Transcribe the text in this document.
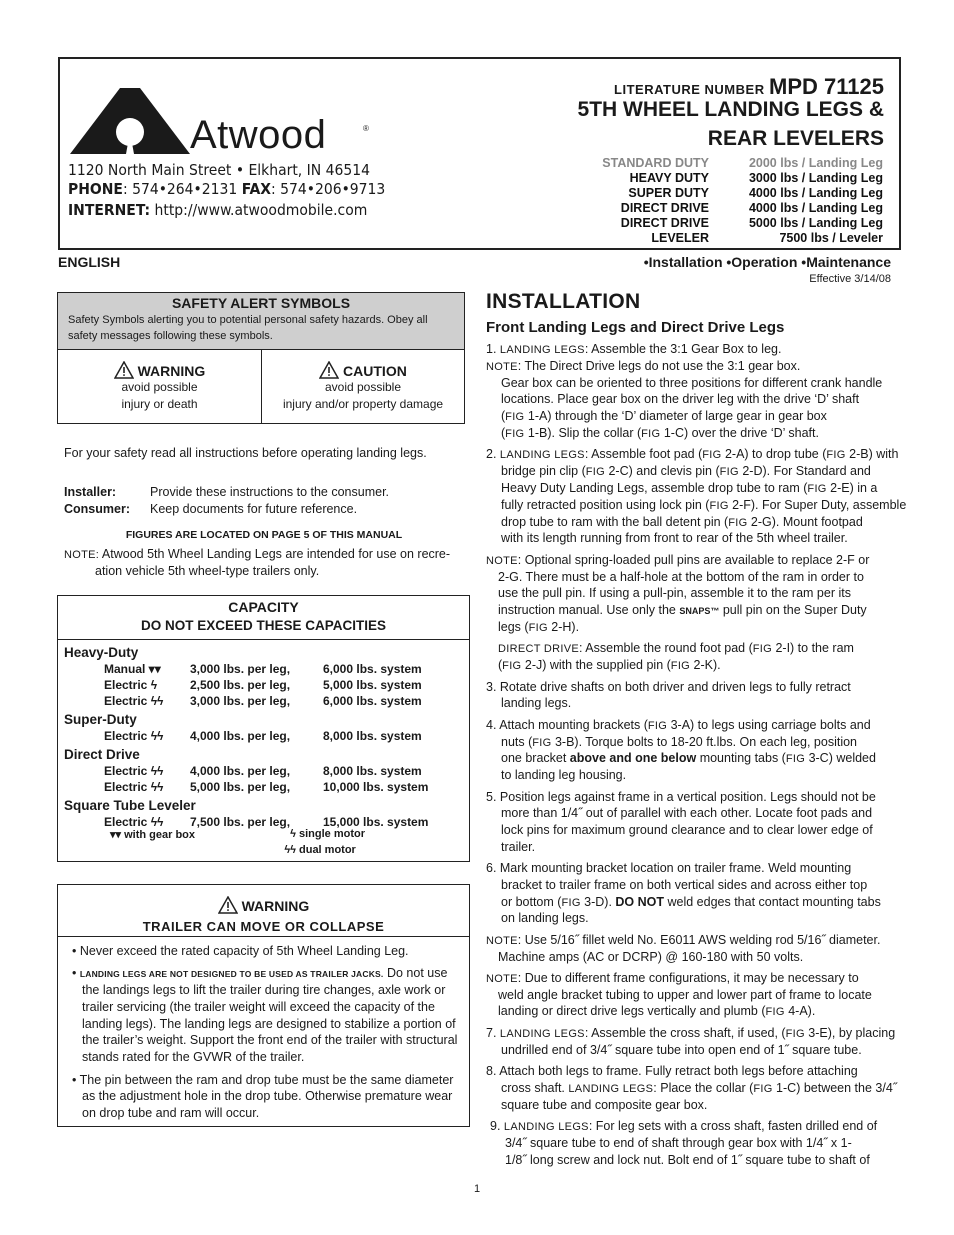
Atwood	®
1120 North Main Street • Elkhart, IN 46514
PHONE: 574•264•2131 FAX: 574•206•9713
INTERNET: http://www.atwoodmobile.com
LITERATURE NUMBER MPD 71125
5TH WHEEL LANDING LEGS &
REAR LEVELERS
STANDARD DUTY	2000 lbs / Landing Leg
HEAVY DUTY	3000 lbs / Landing Leg
SUPER DUTY	4000 lbs / Landing Leg
DIRECT DRIVE	4000 lbs / Landing Leg
DIRECT DRIVE	5000 lbs / Landing Leg
LEVELER	7500 lbs / Leveler
ENGLISH	•Installation •Operation •Maintenance
Effective 3/14/08
SAFETY ALERT SYMBOLS
Safety Symbols alerting you to potential personal safety hazards. Obey all safety messages following these symbols.
WARNING
avoid possible
injury or death
CAUTION
avoid possible
injury and/or property damage
For your safety read all instructions before operating landing legs.
Installer:	Provide these instructions to the consumer.
Consumer: Keep documents for future reference.
FIGURES ARE LOCATED ON PAGE 5 OF THIS MANUAL
NOTE: Atwood 5th Wheel Landing Legs are intended for use on recre-
ation vehicle 5th wheel-type trailers only.
CAPACITY
DO NOT EXCEED THESE CAPACITIES
Heavy-Duty
Manual ▾▾ 3,000 lbs. per leg,	6,000 lbs. system
Electric ϟ	2,500 lbs. per leg,	5,000 lbs. system
Electric ϟϟ 3,000 lbs. per leg,	6,000 lbs. system
Super-Duty
Electric ϟϟ 4,000 lbs. per leg,	8,000 lbs. system
Direct Drive
Electric ϟϟ 4,000 lbs. per leg,	8,000 lbs. system
Electric ϟϟ 5,000 lbs. per leg,	10,000 lbs. system
Square Tube Leveler
Electric ϟϟ 7,500 lbs. per leg,	15,000 lbs. system
▾▾ with gear box	ϟ single motor
ϟϟ dual motor
WARNING
TRAILER CAN MOVE OR COLLAPSE
• Never exceed the rated capacity of 5th Wheel Landing Leg.
• LANDING LEGS ARE NOT DESIGNED TO BE USED AS TRAILER JACKS. Do not use
the landings legs to lift the trailer during tire changes, axle work or
trailer servicing (the trailer weight will exceed the capacity of the
landing legs). The landing legs are designed to stabilize a portion of
the trailer’s weight. Support the front end of the trailer with structural
stands rated for the GVWR of the trailer.
• The pin between the ram and drop tube must be the same diameter
as the adjustment hole in the drop tube. Otherwise premature wear
on drop tube and ram will occur.
INSTALLATION
Front Landing Legs and Direct Drive Legs
1. LANDING LEGS: Assemble the 3:1 Gear Box to leg.
NOTE: The Direct Drive legs do not use the 3:1 gear box.
Gear box can be oriented to three positions for different crank handle
locations. Place gear box on the driver leg with the drive ‘D’ shaft
(FIG 1-A) through the ‘D’ diameter of large gear in gear box
(FIG 1-B). Slip the collar (FIG 1-C) over the drive ‘D’ shaft.
2. LANDING LEGS: Assemble foot pad (FIG 2-A) to drop tube (FIG 2-B) with
bridge pin clip (FIG 2-C) and clevis pin (FIG 2-D). For Standard and
Heavy Duty Landing Legs, assemble drop tube to ram (FIG 2-E) in a
fully retracted position using lock pin (FIG 2-F). For Super Duty, assemble
drop tube to ram with the ball detent pin (FIG 2-G). Mount footpad
with its length running from front to rear of the 5th wheel trailer.
NOTE: Optional spring-loaded pull pins are available to replace 2-F or
2-G. There must be a half-hole at the bottom of the ram in order to
use the pull pin. If using a pull-pin, assemble it to the ram per its
instruction manual. Use only the SNAPS™ pull pin on the Super Duty
legs (FIG 2-H).
DIRECT DRIVE: Assemble the round foot pad (FIG 2-I) to the ram
(FIG 2-J) with the supplied pin (FIG 2-K).
3. Rotate drive shafts on both driver and driven legs to fully retract
landing legs.
4. Attach mounting brackets (FIG 3-A) to legs using carriage bolts and
nuts (FIG 3-B). Torque bolts to 18-20 ft.lbs. On each leg, position
one bracket above and one below mounting tabs (FIG 3-C) welded
to landing leg housing.
5. Position legs against frame in a vertical position. Legs should not be
more than 1/4˝ out of parallel with each other. Locate foot pads and
lock pins for maximum ground clearance and to clear lower edge of
trailer.
6. Mark mounting bracket location on trailer frame. Weld mounting
bracket to trailer frame on both vertical sides and across either top
or bottom (FIG 3-D). DO NOT weld edges that contact mounting tabs
on landing legs.
NOTE: Use 5/16˝ fillet weld No. E6011 AWS welding rod 5/16˝ diameter.
Machine amps (AC or DCRP) @ 160-180 with 50 volts.
NOTE: Due to different frame configurations, it may be necessary to
weld angle bracket tubing to upper and lower part of frame to locate
landing or direct drive legs vertically and plumb (FIG 4-A).
7. LANDING LEGS: Assemble the cross shaft, if used, (FIG 3-E), by placing
undrilled end of 3/4˝ square tube into open end of 1˝ square tube.
8. Attach both legs to frame. Fully retract both legs before attaching
cross shaft. LANDING LEGS: Place the collar (FIG 1-C) between the 3/4˝
square tube and composite gear box.
9. LANDING LEGS: For leg sets with a cross shaft, fasten drilled end of
3/4˝ square tube to end of shaft through gear box with 1/4˝ x 1-
1/8˝ long screw and lock nut. Bolt end of 1˝ square tube to shaft of
1
